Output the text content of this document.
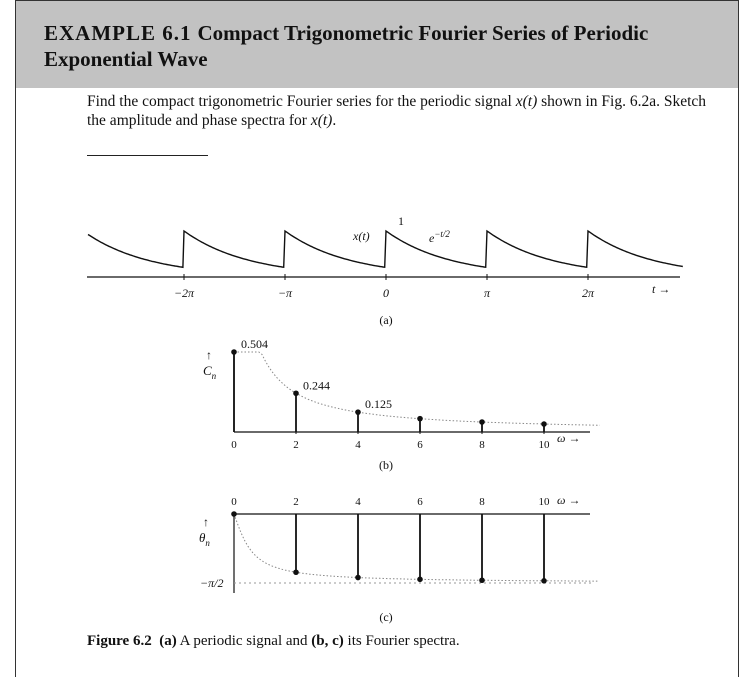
EXAMPLE 6.1 Compact Trigonometric Fourier Series of Periodic Exponential Wave

Find the compact trigonometric Fourier series for the periodic signal x(t) shown in Fig. 6.2a. Sketch the amplitude and phase spectra for x(t).

−2π	−π	0	π	2π	t →
x(t)
1
$e^{-t/2}$
(a)
0.504
0.244
0.125
0	2	4	6	8	10
↑
$C_n$
ω →
(b)
0	2	4	6	8	10
↑
$\theta_n$
−π/2
ω →
(c)

Figure 6.2 (a) A periodic signal and (b, c) its Fourier spectra.
